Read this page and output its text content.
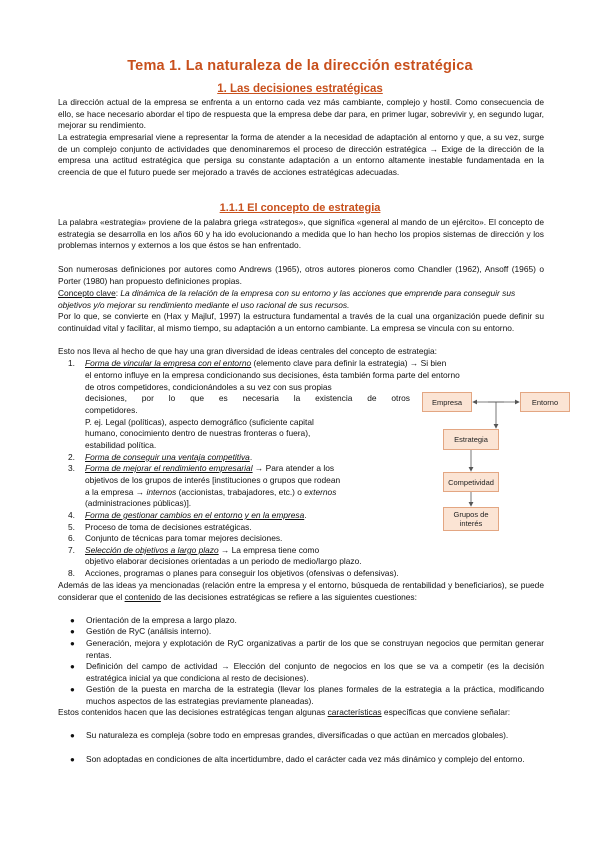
Tema 1. La naturaleza de la dirección estratégica
1. Las decisiones estratégicas
La dirección actual de la empresa se enfrenta a un entorno cada vez más cambiante, complejo y hostil. Como consecuencia de ello, se hace necesario abordar el tipo de respuesta que la empresa debe dar para, en primer lugar, sobrevivir y, en segundo lugar, mejorar su rendimiento.
La estrategia empresarial viene a representar la forma de atender a la necesidad de adaptación al entorno y que, a su vez, surge de un complejo conjunto de actividades que denominaremos el proceso de dirección estratégica → Exige de la dirección de la empresa una actitud estratégica que persiga su constante adaptación a un entorno altamente inestable fundamentada en la creencia de que el futuro puede ser mejorado a través de acciones estratégicas adecuadas.
1.1.1 El concepto de estrategia
La palabra «estrategia» proviene de la palabra griega «strategos», que significa «general al mando de un ejército». El concepto de estrategia se desarrolla en los años 60 y ha ido evolucionando a medida que lo han hecho los propios sistemas de dirección y los problemas internos y externos a los que éstos se han enfrentado.
Son numerosas definiciones por autores como Andrews (1965), otros autores pioneros como Chandler (1962), Ansoff (1965) o Porter (1980) han propuesto definiciones propias.
Concepto clave: La dinámica de la relación de la empresa con su entorno y las acciones que emprende para conseguir sus objetivos y/o mejorar su rendimiento mediante el uso racional de sus recursos.
Por lo que, se convierte en (Hax y Majluf, 1997) la estructura fundamental a través de la cual una organización puede definir su continuidad vital y facilitar, al mismo tiempo, su adaptación a un entorno cambiante. La empresa se vincula con su entorno.
Esto nos lleva al hecho de que hay una gran diversidad de ideas centrales del concepto de estrategia:
1. Forma de vincular la empresa con el entorno (elemento clave para definir la estrategia) → Si bien
el entorno influye en la empresa condicionando sus decisiones, ésta también forma parte del entorno
de otros competidores, condicionándoles a su vez con sus propias
decisiones, por lo que es necesaria la existencia de otros
competidores.
P. ej. Legal (políticas), aspecto demográfico (suficiente capital
humano, conocimiento dentro de nuestras fronteras o fuera),
estabilidad política.
2. Forma de conseguir una ventaja competitiva.
3. Forma de mejorar el rendimiento empresarial → Para atender a los
objetivos de los grupos de interés [instituciones o grupos que rodean
a la empresa → internos (accionistas, trabajadores, etc.) o externos
(administraciones públicas)].
4. Forma de gestionar cambios en el entorno y en la empresa.
5. Proceso de toma de decisiones estratégicas.
6. Conjunto de técnicas para tomar mejores decisiones.
7. Selección de objetivos a largo plazo → La empresa tiene como
objetivo elaborar decisiones orientadas a un periodo de medio/largo plazo.
8. Acciones, programas o planes para conseguir los objetivos (ofensivas o defensivas).
Además de las ideas ya mencionadas (relación entre la empresa y el entorno, búsqueda de rentabilidad y beneficiarios), se puede considerar que el contenido de las decisiones estratégicas se refiere a las siguientes cuestiones:
● Orientación de la empresa a largo plazo.
● Gestión de RyC (análisis interno).
● Generación, mejora y explotación de RyC organizativas a partir de los que se construyan negocios que permitan generar rentas.
● Definición del campo de actividad → Elección del conjunto de negocios en los que se va a competir (es la decisión estratégica inicial ya que condiciona al resto de decisiones).
● Gestión de la puesta en marcha de la estrategia (llevar los planes formales de la estrategia a la práctica, modificando muchos aspectos de las estrategias previamente planeadas).
Estos contenidos hacen que las decisiones estratégicas tengan algunas características específicas que conviene señalar:
● Su naturaleza es compleja (sobre todo en empresas grandes, diversificadas o que actúan en mercados globales).
● Son adoptadas en condiciones de alta incertidumbre, dado el carácter cada vez más dinámico y complejo del entorno.
Empresa	Entorno
Estrategia
Competividad
Grupos de interés
